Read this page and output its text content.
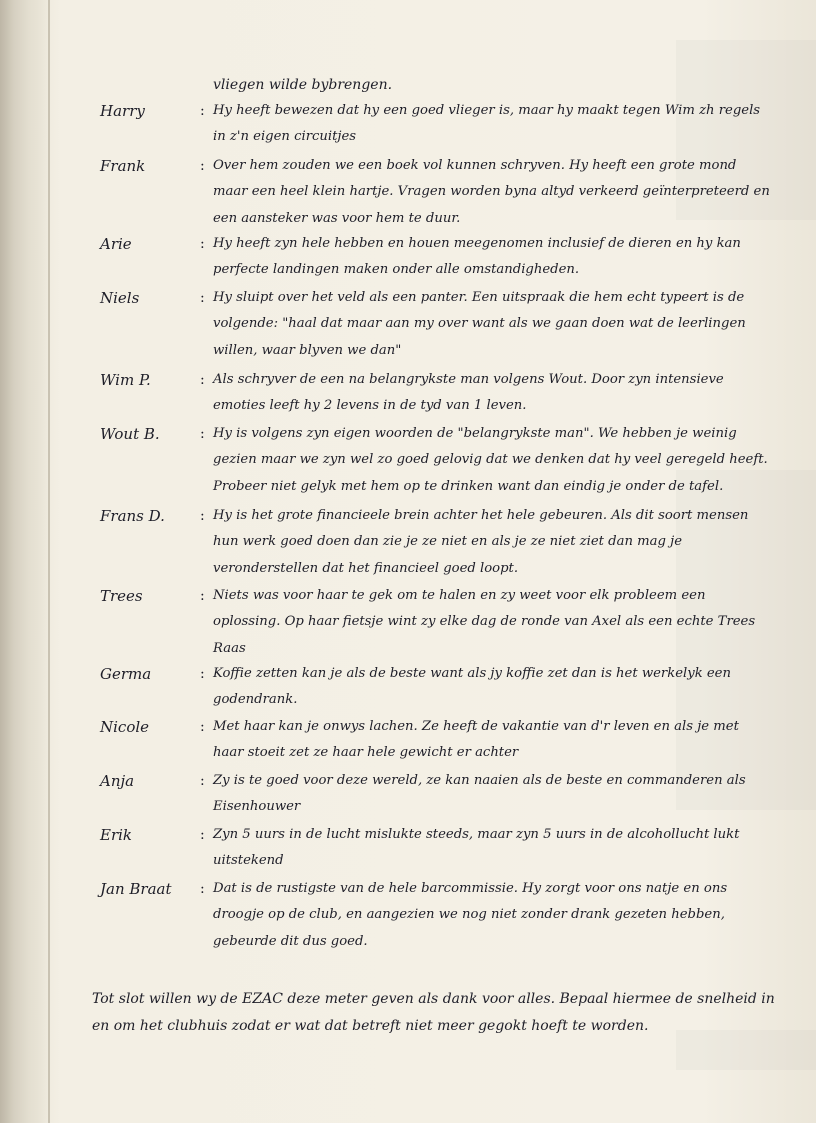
vliegen wilde bybrengen.
Harry	: Hy heeft bewezen dat hy een goed vlieger is, maar hy maakt tegen Wim zh regels in z'n eigen circuitjes
Frank	: Over hem zouden we een boek vol kunnen schryven. Hy heeft een grote mond maar een heel klein hartje. Vragen worden byna altyd verkeerd geïnterpreteerd en een aansteker was voor hem te duur.
Arie	: Hy heeft zyn hele hebben en houen meegenomen inclusief de dieren en hy kan perfecte landingen maken onder alle omstandigheden.
Niels	: Hy sluipt over het veld als een panter. Een uitspraak die hem echt typeert is de volgende: "haal dat maar aan my over want als we gaan doen wat de leerlingen willen, waar blyven we dan"
Wim P.	: Als schryver de een na belangrykste man volgens Wout. Door zyn intensieve emoties leeft hy 2 levens in de tyd van 1 leven.
Wout B.	: Hy is volgens zyn eigen woorden de "belangrykste man". We hebben je weinig gezien maar we zyn wel zo goed gelovig dat we denken dat hy veel geregeld heeft. Probeer niet gelyk met hem op te drinken want dan eindig je onder de tafel.
Frans D.	: Hy is het grote financieele brein achter het hele gebeuren. Als dit soort mensen hun werk goed doen dan zie je ze niet en als je ze niet ziet dan mag je veronderstellen dat het financieel goed loopt.
Trees	: Niets was voor haar te gek om te halen en zy weet voor elk probleem een oplossing. Op haar fietsje wint zy elke dag de ronde van Axel als een echte Trees Raas
Germa	: Koffie zetten kan je als de beste want als jy koffie zet dan is het werkelyk een godendrank.
Nicole	: Met haar kan je onwys lachen. Ze heeft de vakantie van d'r leven en als je met haar stoeit zet ze haar hele gewicht er achter
Anja	: Zy is te goed voor deze wereld, ze kan naaien als de beste en commanderen als Eisenhouwer
Erik	: Zyn 5 uurs in de lucht mislukte steeds, maar zyn 5 uurs in de alcohollucht lukt uitstekend
Jan Braat	: Dat is de rustigste van de hele barcommissie. Hy zorgt voor ons natje en ons droogje op de club, en aangezien we nog niet zonder drank gezeten hebben, gebeurde dit dus goed.
Tot slot willen wy de EZAC deze meter geven als dank voor alles. Bepaal hiermee de snelheid in en om het clubhuis zodat er wat dat betreft niet meer gegokt hoeft te worden.
